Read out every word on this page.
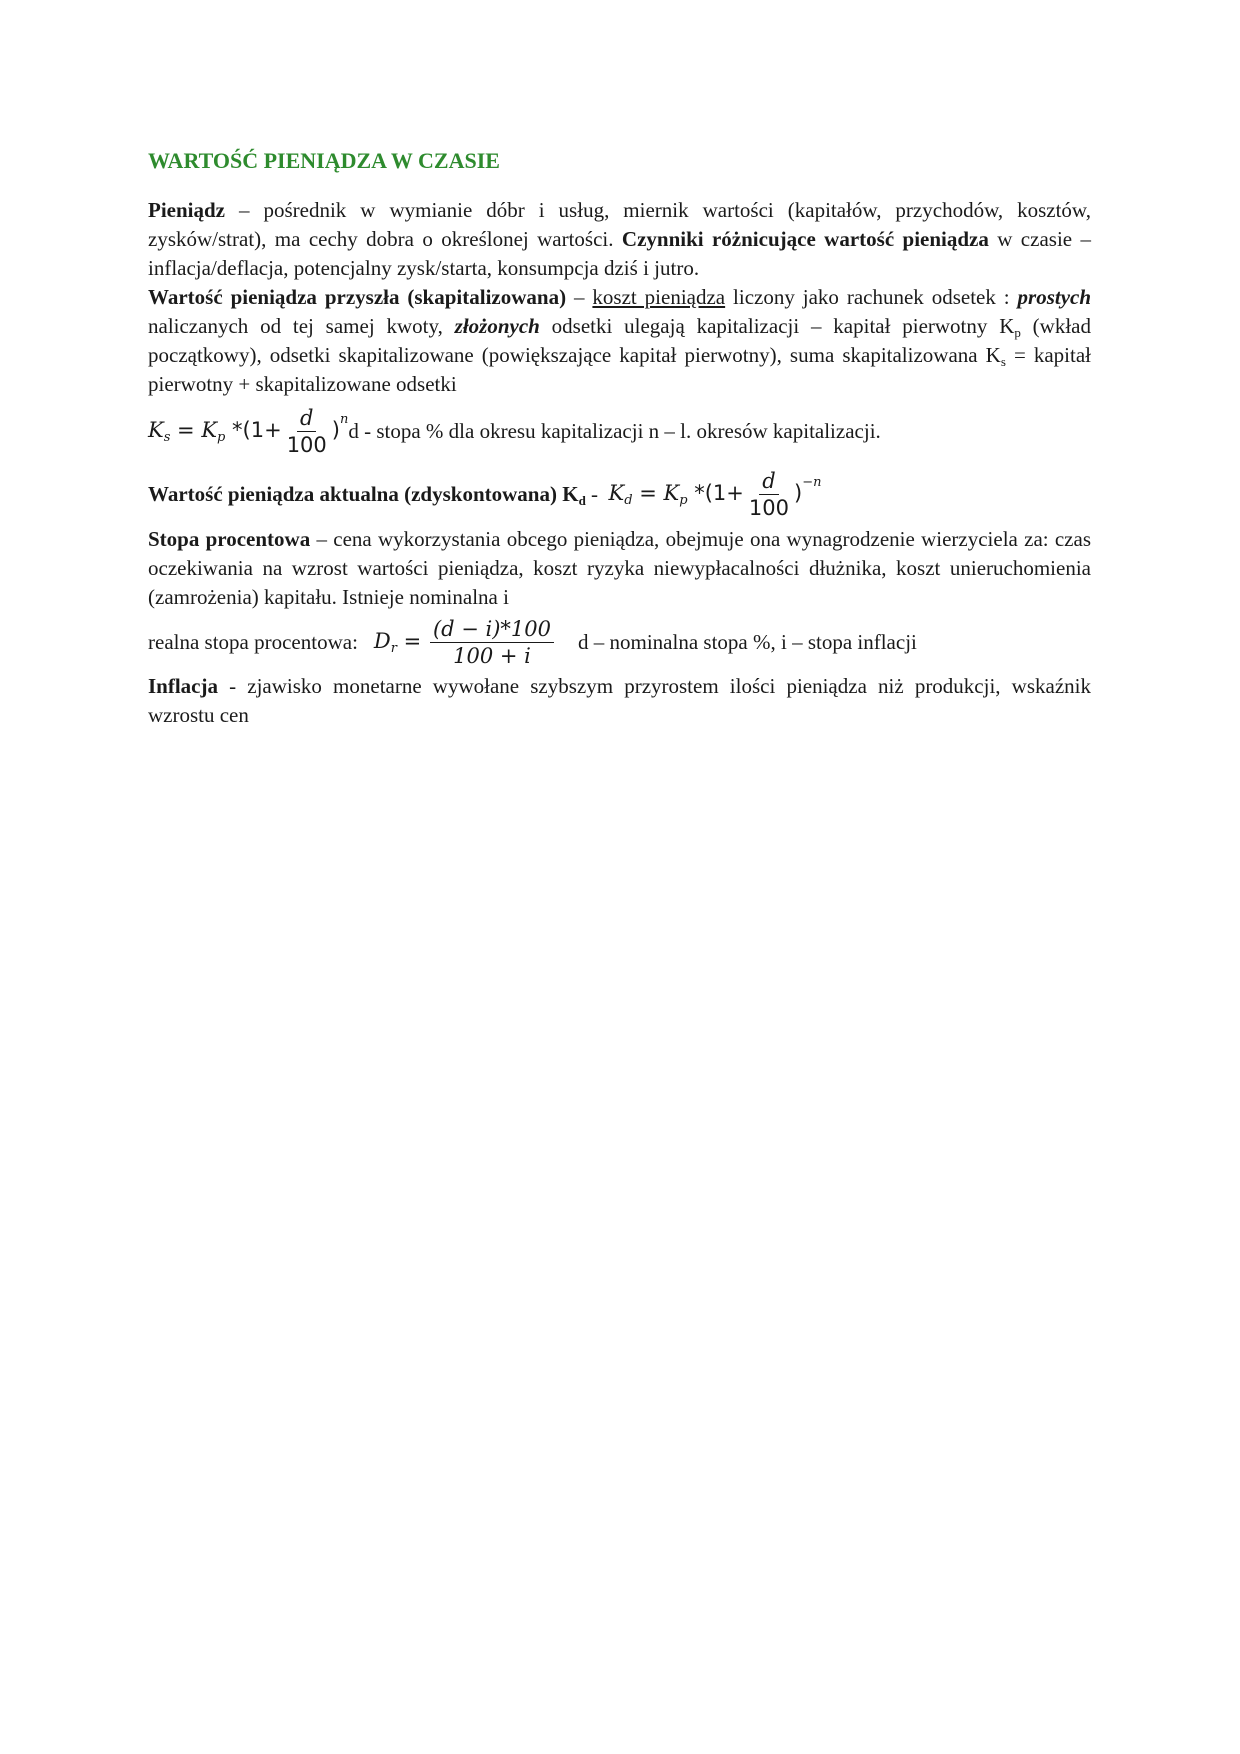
WARTOŚĆ PIENIĄDZA W CZASIE

Pieniądz – pośrednik w wymianie dóbr i usług, miernik wartości (kapitałów, przychodów, kosztów, zysków/strat), ma cechy dobra o określonej wartości. Czynniki różnicujące wartość pieniądza w czasie – inflacja/deflacja, potencjalny zysk/starta, konsumpcja dziś i jutro.

Wartość pieniądza przyszła (skapitalizowana) – koszt pieniądza liczony jako rachunek odsetek : prostych naliczanych od tej samej kwoty, złożonych odsetki ulegają kapitalizacji – kapitał pierwotny $K_p$ (wkład początkowy), odsetki skapitalizowane (powiększające kapitał pierwotny), suma skapitalizowana $K_s$ = kapitał pierwotny + skapitalizowane odsetki

$K_s = K_p$ $*(1+ \frac{d}{100} )^n$ d - stopa % dla okresu kapitalizacji n – l. okresów kapitalizacji.
Wartość pieniądza aktualna (zdyskontowana) $K_d - K_d = K_p$ $*(1+ \frac{d}{100} )^{-n}$

Stopa procentowa – cena wykorzystania obcego pieniądza, obejmuje ona wynagrodzenie wierzyciela za: czas oczekiwania na wzrost wartości pieniądza, koszt ryzyka niewypłacalności dłużnika, koszt unieruchomienia (zamrożenia) kapitału. Istnieje nominalna i

realna stopa procentowa: $D_r = \frac{(d - i)*100}{100 + i}$ d – nominalna stopa %, i – stopa inflacji

Inflacja - zjawisko monetarne wywołane szybszym przyrostem ilości pieniądza niż produkcji, wskaźnik wzrostu cen
